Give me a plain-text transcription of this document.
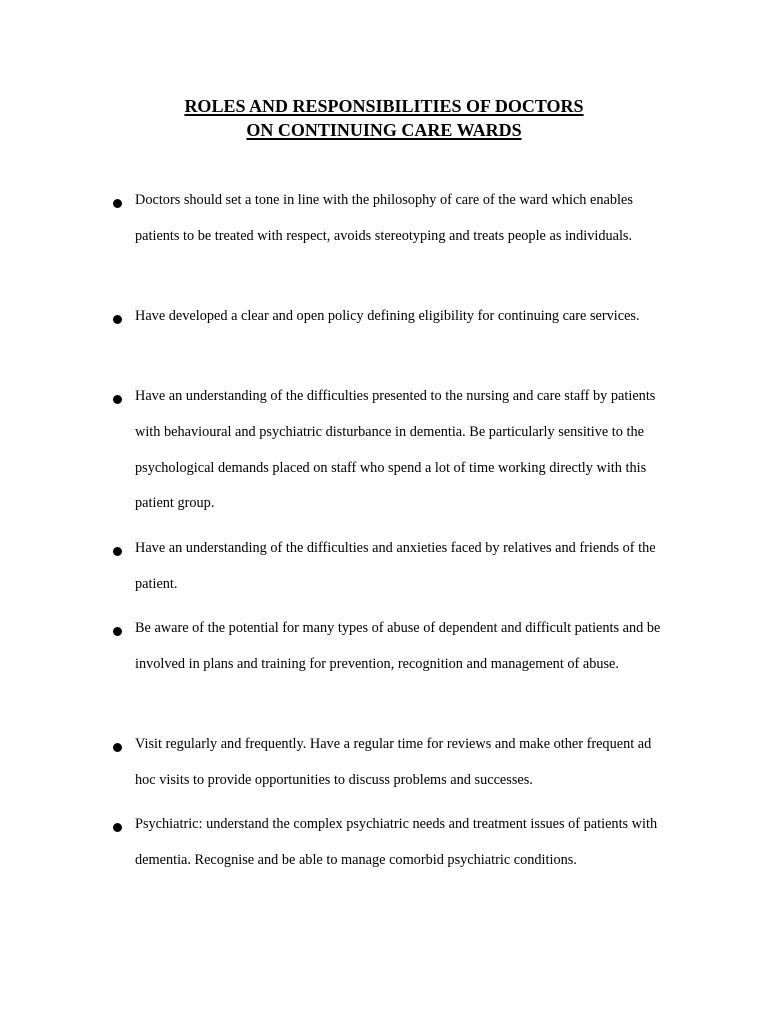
ROLES AND RESPONSIBILITIES OF DOCTORS
ON CONTINUING CARE WARDS
Doctors should set a tone in line with the philosophy of care of the ward which enables patients to be treated with respect, avoids stereotyping and treats people as individuals.
Have developed a clear and open policy defining eligibility for continuing care services.
Have an understanding of the difficulties presented to the nursing and care staff by patients with behavioural and psychiatric disturbance in dementia. Be particularly sensitive to the psychological demands placed on staff who spend a lot of time working directly with this patient group.
Have an understanding of the difficulties and anxieties faced by relatives and friends of the patient.
Be aware of the potential for many types of abuse of dependent and difficult patients and be involved in plans and training for prevention, recognition and management of abuse.
Visit regularly and frequently. Have a regular time for reviews and make other frequent ad hoc visits to provide opportunities to discuss problems and successes.
Psychiatric: understand the complex psychiatric needs and treatment issues of patients with dementia. Recognise and be able to manage comorbid psychiatric conditions.
